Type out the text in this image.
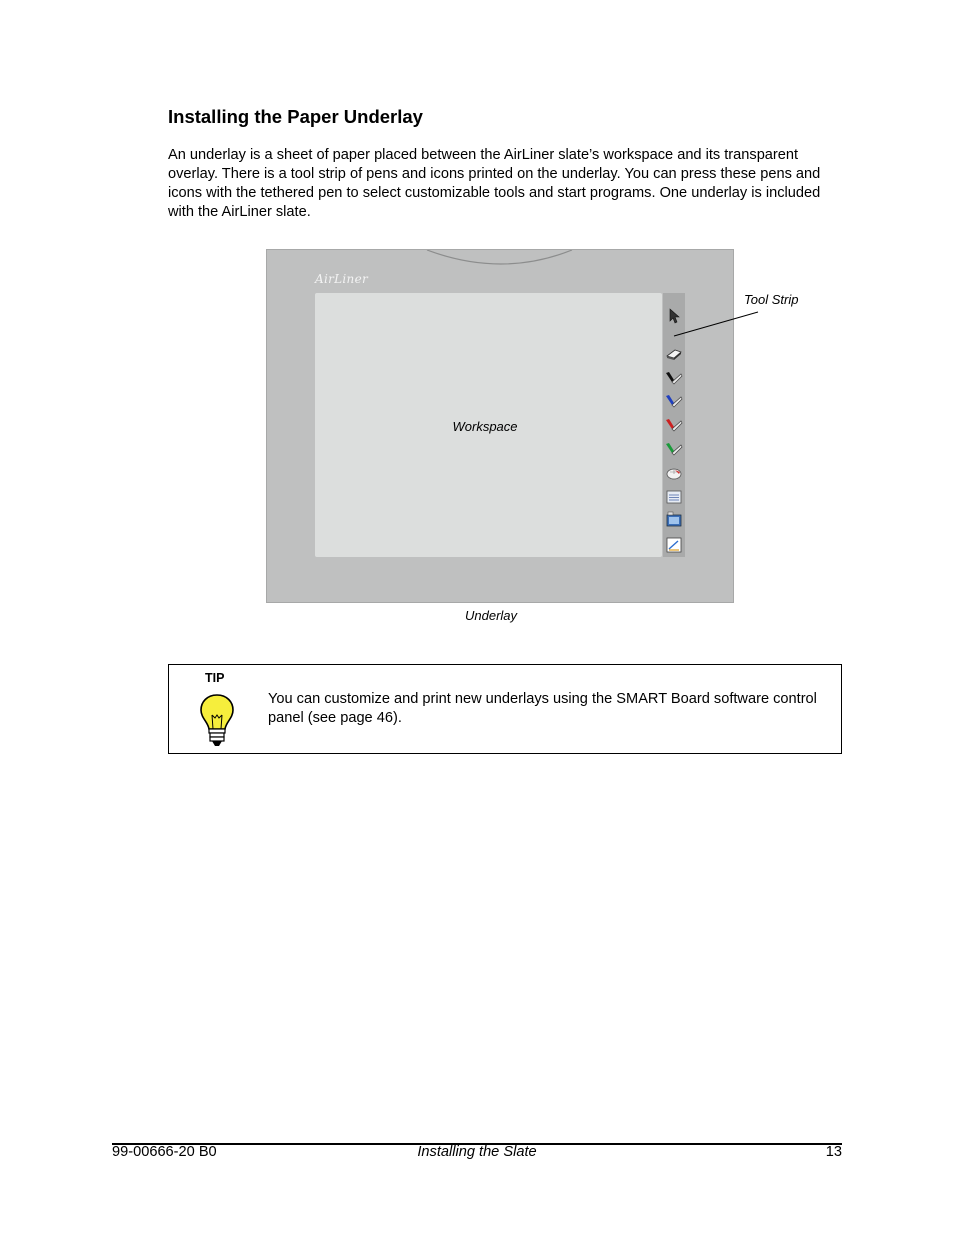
Installing the Paper Underlay

An underlay is a sheet of paper placed between the AirLiner slate’s workspace and its transparent overlay. There is a tool strip of pens and icons printed on the underlay. You can press these pens and icons with the tethered pen to select customizable tools and start programs. One underlay is included with the AirLiner slate.

AirLiner
Workspace
Tool Strip
Underlay
TIP

You can customize and print new underlays using the SMART Board software control panel (see page 46).

99-00666-20 B0	Installing the Slate	13
